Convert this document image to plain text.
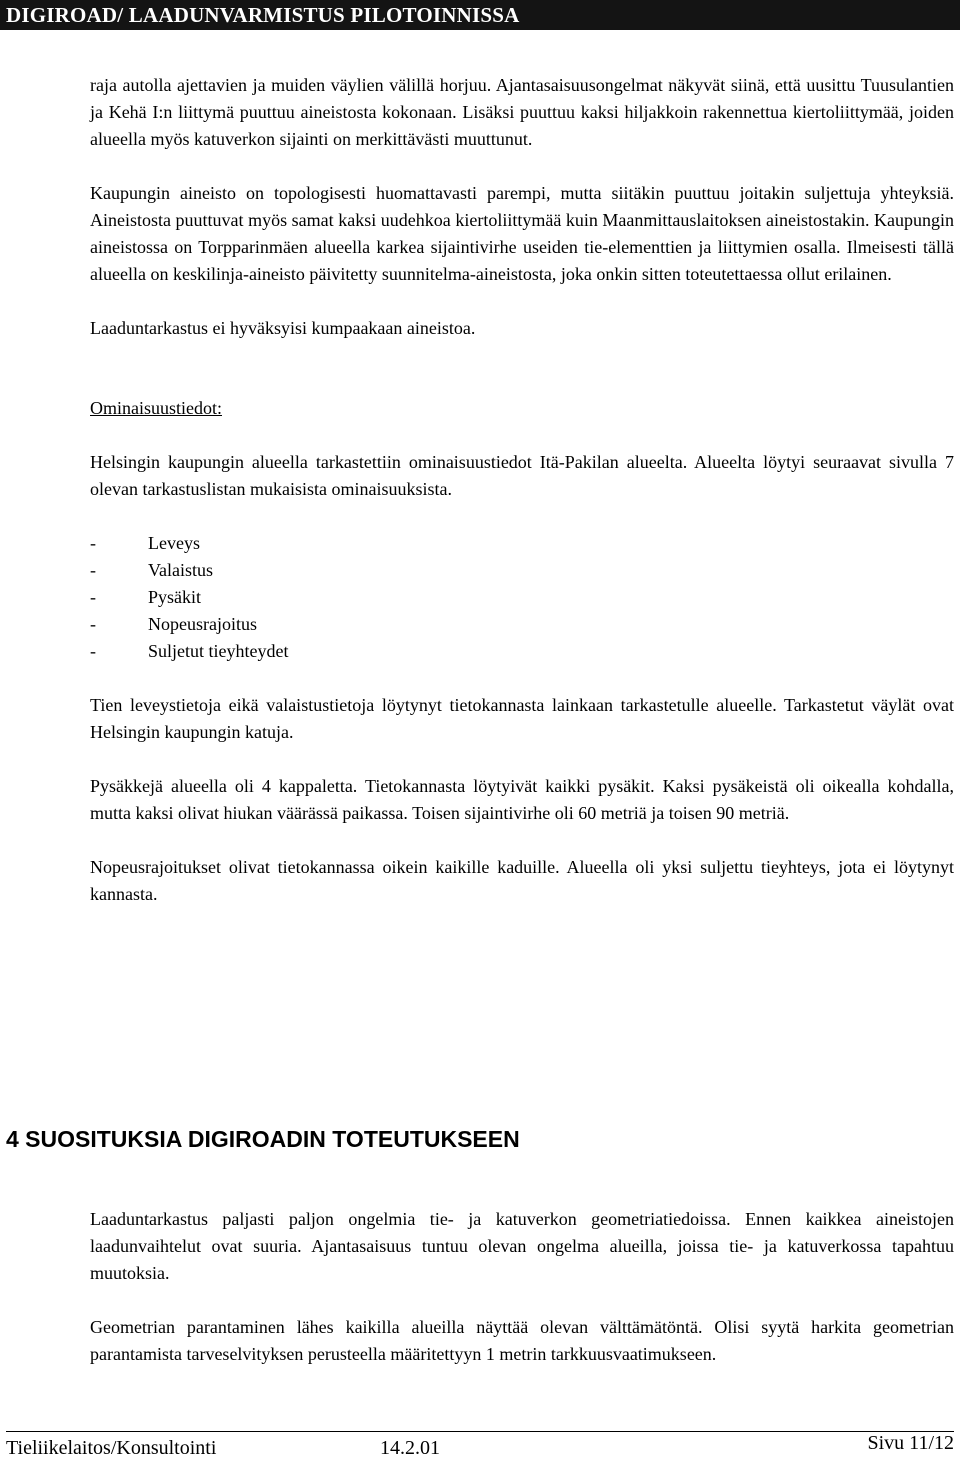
DIGIROAD/ LAADUNVARMISTUS PILOTOINNISSA

raja autolla ajettavien ja muiden väylien välillä horjuu. Ajantasaisuusongelmat näkyvät siinä, että uusittu Tuusulantien ja Kehä I:n liittymä puuttuu aineistosta kokonaan. Lisäksi puuttuu kaksi hiljakkoin rakennettua kiertoliittymää, joiden alueella myös katuverkon sijainti on merkittävästi muuttunut.

Kaupungin aineisto on topologisesti huomattavasti parempi, mutta siitäkin puuttuu joitakin suljettuja yhteyksiä. Aineistosta puuttuvat myös samat kaksi uudehkoa kiertoliittymää kuin Maanmittauslaitoksen aineistostakin. Kaupungin aineistossa on Torpparinmäen alueella karkea sijaintivirhe useiden tie-elementtien ja liittymien osalla. Ilmeisesti tällä alueella on keskilinja-aineisto päivitetty suunnitelma-aineistosta, joka onkin sitten toteutettaessa ollut erilainen.

Laaduntarkastus ei hyväksyisi kumpaakaan aineistoa.

Ominaisuustiedot:

Helsingin kaupungin alueella tarkastettiin ominaisuustiedot Itä-Pakilan alueelta. Alueelta löytyi seuraavat sivulla 7 olevan tarkastuslistan mukaisista ominaisuuksista.

-	Leveys
-	Valaistus
-	Pysäkit
-	Nopeusrajoitus
-	Suljetut tieyhteydet

Tien leveystietoja eikä valaistustietoja löytynyt tietokannasta lainkaan tarkastetulle alueelle. Tarkastetut väylät ovat Helsingin kaupungin katuja.

Pysäkkejä alueella oli 4 kappaletta. Tietokannasta löytyivät kaikki pysäkit. Kaksi pysäkeistä oli oikealla kohdalla, mutta kaksi olivat hiukan väärässä paikassa. Toisen sijaintivirhe oli 60 metriä ja toisen 90 metriä.

Nopeusrajoitukset olivat tietokannassa oikein kaikille kaduille. Alueella oli yksi suljettu tieyhteys, jota ei löytynyt kannasta.

4 SUOSITUKSIA DIGIROADIN TOTEUTUKSEEN

Laaduntarkastus paljasti paljon ongelmia tie- ja katuverkon geometriatiedoissa. Ennen kaikkea aineistojen laadunvaihtelut ovat suuria. Ajantasaisuus tuntuu olevan ongelma alueilla, joissa tie- ja katuverkossa tapahtuu muutoksia.

Geometrian parantaminen lähes kaikilla alueilla näyttää olevan välttämätöntä. Olisi syytä harkita geometrian parantamista tarveselvityksen perusteella määritettyyn 1 metrin tarkkuusvaatimukseen.

Tieliikelaitos/Konsultointi	14.2.01	Sivu 11/12
